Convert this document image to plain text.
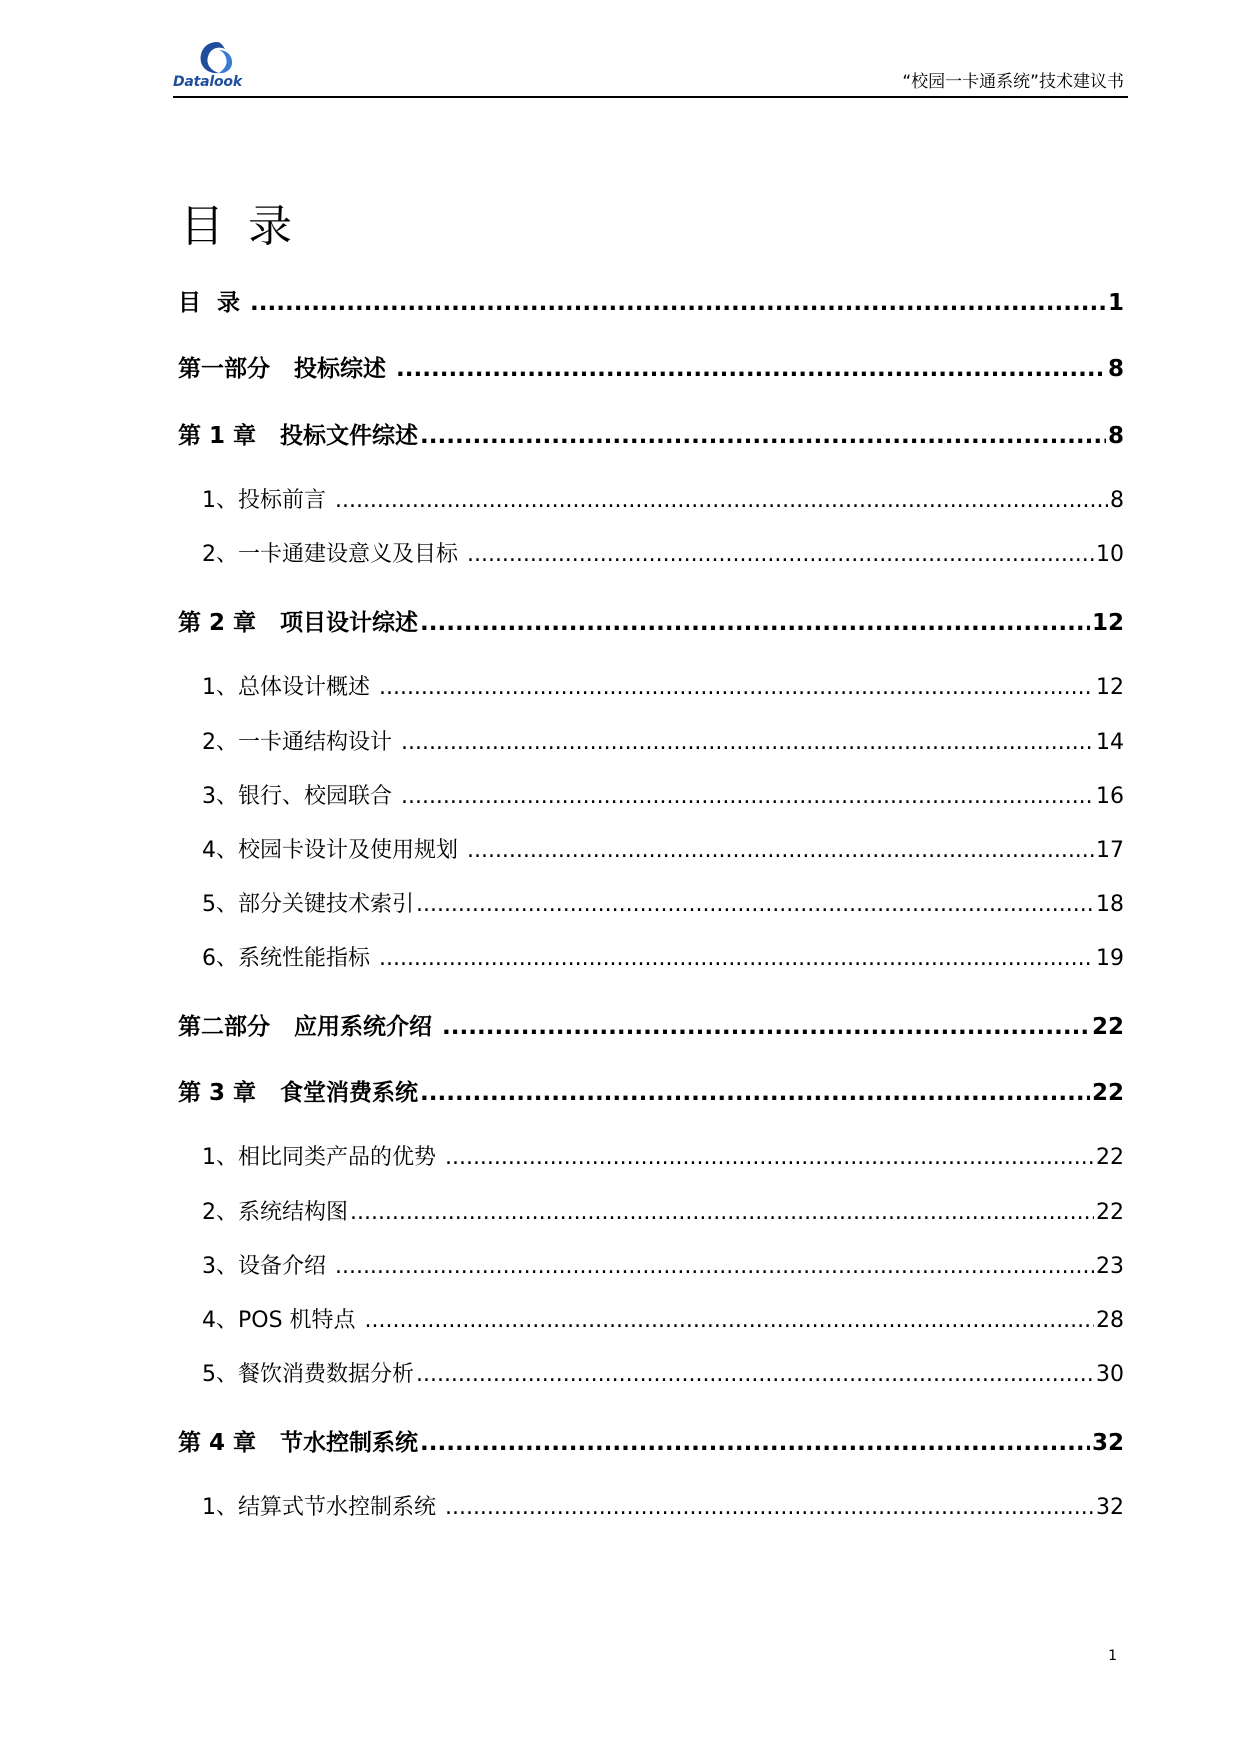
Datalook	“校园一卡通系统”技术建议书
目录
目  录 . . .	1
第一部分   投标综述 . . .	8
第 1 章   投标文件综述 . . .	8
1、投标前言 . . .	8
2、一卡通建设意义及目标 . . .	10
第 2 章   项目设计综述 . . .	12
1、总体设计概述 . . .	12
2、一卡通结构设计 . . .	14
3、银行、校园联合 . . .	16
4、校园卡设计及使用规划 . . .	17
5、部分关键技术索引 . . .	18
6、系统性能指标 . . .	19
第二部分   应用系统介绍 . . .	22
第 3 章   食堂消费系统 . . .	22
1、相比同类产品的优势 . . .	22
2、系统结构图 . . .	22
3、设备介绍 . . .	23
4、POS 机特点 . . .	28
5、餐饮消费数据分析 . . .	30
第 4 章   节水控制系统 . . .	32
1、结算式节水控制系统 . . .	32
1
